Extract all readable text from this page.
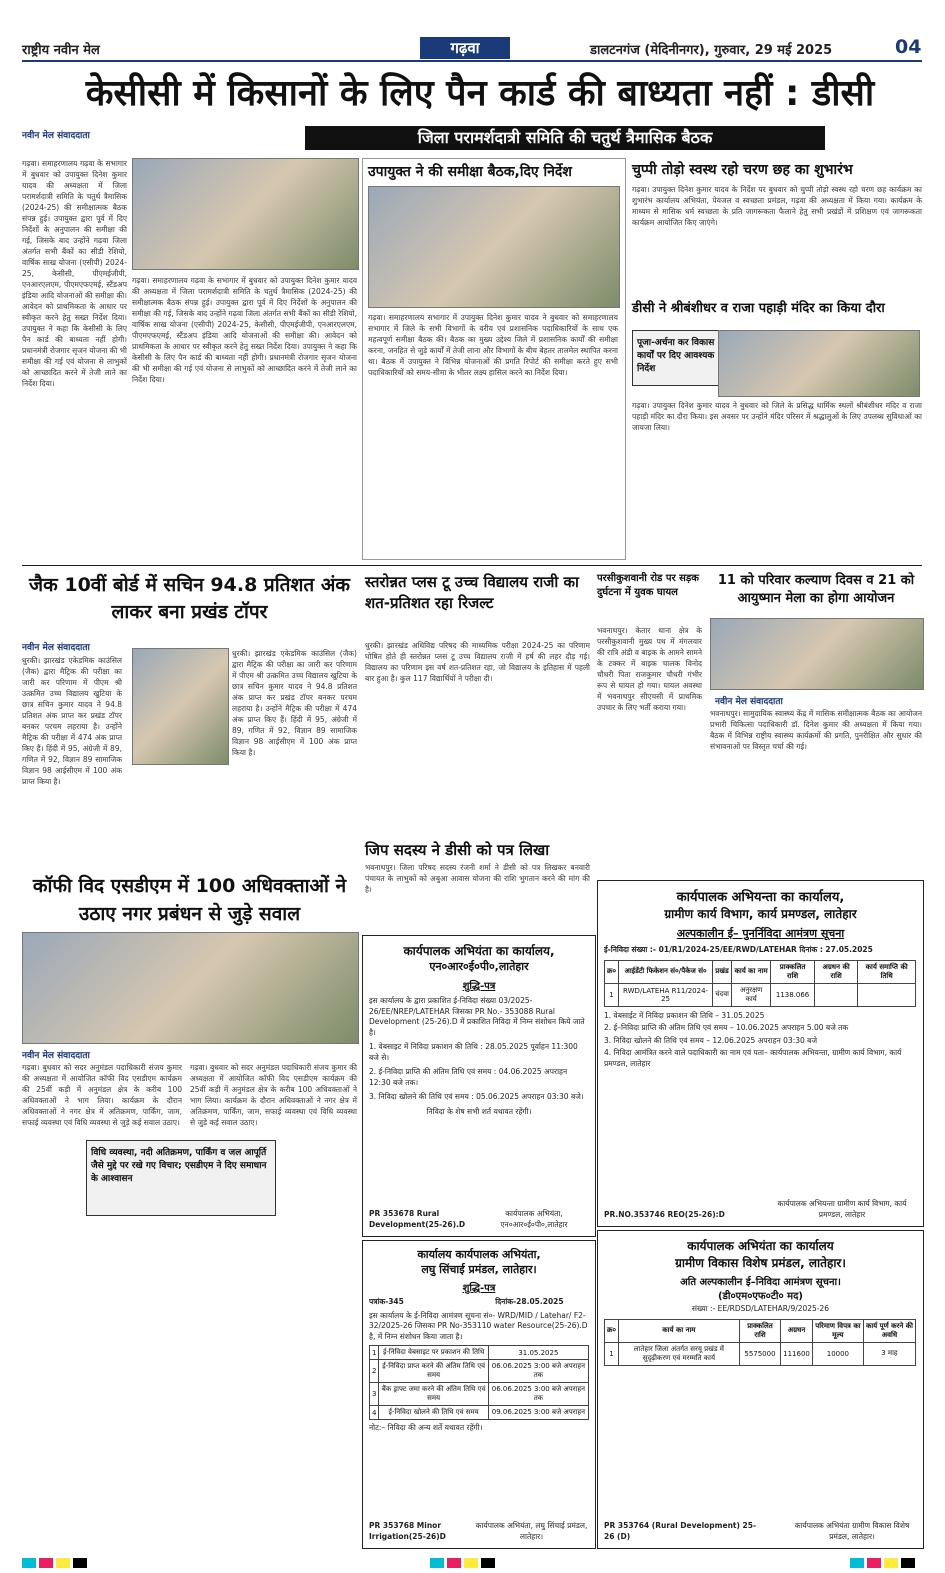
राष्ट्रीय नवीन मेल	गढ़वा	डालटनगंज (मेदिनीनगर), गुरुवार, 29 मई 2025	04
केसीसी में किसानों के लिए पैन कार्ड की बाध्यता नहीं : डीसी
नवीन मेल संवाददाता	जिला परामर्शदात्री समिति की चतुर्थ त्रैमासिक बैठक
गढ़वा। समाहरणालय गढ़वा के सभागार में बुधवार को उपायुक्त दिनेश कुमार यादव की अध्यक्षता में जिला परामर्शदात्री समिति के चतुर्थ त्रैमासिक (2024-25) की समीक्षात्मक बैठक संपन्न हुई। उपायुक्त द्वारा पूर्व में दिए निर्देशों के अनुपालन की समीक्षा की गई, जिसके बाद उन्होंने गढ़वा जिला अंतर्गत सभी बैंकों का सीडी रेशियो, वार्षिक साख योजना (एसीपी) 2024-25, केसीसी, पीएमईजीपी, एनआरएलएम, पीएमएफएमई, स्टैंडअप इंडिया आदि योजनाओं की समीक्षा की। आवेदन को प्राथमिकता के आधार पर स्वीकृत करने हेतु सख्त निर्देश दिया। उपायुक्त ने कहा कि केसीसी के लिए पैन कार्ड की बाध्यता नहीं होगी। प्रधानमंत्री रोजगार सृजन योजना की भी समीक्षा की गई एवं योजना से लाभुकों को आच्छादित करने में तेजी लाने का निर्देश दिया।
गढ़वा। समाहरणालय गढ़वा के सभागार में बुधवार को उपायुक्त दिनेश कुमार यादव की अध्यक्षता में जिला परामर्शदात्री समिति के चतुर्थ त्रैमासिक (2024-25) की समीक्षात्मक बैठक संपन्न हुई। उपायुक्त द्वारा पूर्व में दिए निर्देशों के अनुपालन की समीक्षा की गई, जिसके बाद उन्होंने गढ़वा जिला अंतर्गत सभी बैंकों का सीडी रेशियो, वार्षिक साख योजना (एसीपी) 2024-25, केसीसी, पीएमईजीपी, एनआरएलएम, पीएमएफएमई, स्टैंडअप इंडिया आदि योजनाओं की समीक्षा की। आवेदन को प्राथमिकता के आधार पर स्वीकृत करने हेतु सख्त निर्देश दिया। उपायुक्त ने कहा कि केसीसी के लिए पैन कार्ड की बाध्यता नहीं होगी। प्रधानमंत्री रोजगार सृजन योजना की भी समीक्षा की गई एवं योजना से लाभुकों को आच्छादित करने में तेजी लाने का निर्देश दिया।
उपायुक्त ने की समीक्षा बैठक,दिए निर्देश
गढ़वा। समाहरणालय सभागार में उपायुक्त दिनेश कुमार यादव ने बुधवार को समाहरणालय सभागार में जिले के सभी विभागों के वरीय एवं प्रशासनिक पदाधिकारियों के साथ एक महत्वपूर्ण समीक्षा बैठक की। बैठक का मुख्य उद्देश्य जिले में प्रशासनिक कार्यों की समीक्षा करना, जनहित से जुड़े कार्यों में तेजी लाना और विभागों के बीच बेहतर तालमेल स्थापित करना था। बैठक में उपायुक्त ने विभिन्न योजनाओं की प्रगति रिपोर्ट की समीक्षा करते हुए सभी पदाधिकारियों को समय-सीमा के भीतर लक्ष्य हासिल करने का निर्देश दिया।
चुप्पी तोड़ो स्वस्थ रहो चरण छह का शुभारंभ
गढ़वा। उपायुक्त दिनेश कुमार यादव के निर्देश पर बुधवार को चुप्पी तोड़ो स्वस्थ रहो चरण छह कार्यक्रम का शुभारंभ कार्यालय अभियंता, पेयजल व स्वच्छता प्रमंडल, गढ़वा की अध्यक्षता में किया गया। कार्यक्रम के माध्यम से मासिक धर्म स्वच्छता के प्रति जागरूकता फैलाने हेतु सभी प्रखंडों में प्रशिक्षण एवं जागरूकता कार्यक्रम आयोजित किए जाएंगे।
डीसी ने श्रीबंशीधर व राजा पहाड़ी मंदिर का किया दौरा
पूजा-अर्चना कर विकास कार्यों पर दिए आवश्यक निर्देश
गढ़वा। उपायुक्त दिनेश कुमार यादव ने बुधवार को जिले के प्रसिद्ध धार्मिक स्थलों श्रीबंशीधर मंदिर व राजा पहाड़ी मंदिर का दौरा किया। इस अवसर पर उन्होंने मंदिर परिसर में श्रद्धालुओं के लिए उपलब्ध सुविधाओं का जायजा लिया।
जैक 10वीं बोर्ड में सचिन 94.8 प्रतिशत अंक लाकर बना प्रखंड टॉपर
नवीन मेल संवाददाता
धुरकी। झारखंड एकेडमिक काउंसिल (जैक) द्वारा मैट्रिक की परीक्षा का जारी कर परिणाम में पीएम श्री उत्क्रमित उच्च विद्यालय खुटिया के छात्र सचिन कुमार यादव ने 94.8 प्रतिशत अंक प्राप्त कर प्रखंड टॉपर बनकर परचम लहराया है। उन्होंने मैट्रिक की परीक्षा में 474 अंक प्राप्त किए हैं। हिंदी में 95, अंग्रेजी में 89, गणित में 92, विज्ञान 89 सामाजिक विज्ञान 98 आईसीएम में 100 अंक प्राप्त किया है।
धुरकी। झारखंड एकेडमिक काउंसिल (जैक) द्वारा मैट्रिक की परीक्षा का जारी कर परिणाम में पीएम श्री उत्क्रमित उच्च विद्यालय खुटिया के छात्र सचिन कुमार यादव ने 94.8 प्रतिशत अंक प्राप्त कर प्रखंड टॉपर बनकर परचम लहराया है। उन्होंने मैट्रिक की परीक्षा में 474 अंक प्राप्त किए हैं। हिंदी में 95, अंग्रेजी में 89, गणित में 92, विज्ञान 89 सामाजिक विज्ञान 98 आईसीएम में 100 अंक प्राप्त किया है।
स्तरोन्नत प्लस टू उच्च विद्यालय राजी का शत-प्रतिशत रहा रिजल्ट
धुरकी। झारखंड अधिविद्य परिषद की माध्यमिक परीक्षा 2024-25 का परिणाम घोषित होते ही स्तरोन्नत प्लस टू उच्च विद्यालय राजी में हर्ष की लहर दौड़ गई। विद्यालय का परिणाम इस वर्ष शत-प्रतिशत रहा, जो विद्यालय के इतिहास में पहली बार हुआ है। कुल 117 विद्यार्थियों ने परीक्षा दी।
परसीकुशवानी रोड पर सड़क दुर्घटना में युवक घायल
भवनाथपुर। केतार थाना क्षेत्र के परसीकुशवानी मुख्य पथ में मंगलवार की रात्रि अंडी व बाइक के आमने सामने के टक्कर में बाइक चालक विनोद चौधरी पिता राजकुमार चौधरी गंभीर रूप से घायल हो गया। घायल अवस्था में भवनाथपुर सीएचसी में प्राथमिक उपचार के लिए भर्ती कराया गया।
11 को परिवार कल्याण दिवस व 21 को आयुष्मान मेला का होगा आयोजन
नवीन मेल संवाददाता
भवनाथपुर। सामुदायिक स्वास्थ्य केंद्र में मासिक समीक्षात्मक बैठक का आयोजन प्रभारी चिकित्सा पदाधिकारी डॉ. दिनेश कुमार की अध्यक्षता में किया गया। बैठक में विभिन्न राष्ट्रीय स्वास्थ्य कार्यक्रमों की प्रगति, पुनरीक्षित और सुधार की संभावनाओं पर विस्तृत चर्चा की गई।
जिप सदस्य ने डीसी को पत्र लिखा
भवनाथपुर। जिला परिषद सदस्य रंजनी शर्मा ने डीसी को पत्र लिखकर बनवारी पंचायत के लाभुकों को अबुआ आवास योजना की राशि भुगतान करने की मांग की है।
कॉफी विद एसडीएम में 100 अधिवक्ताओं ने उठाए नगर प्रबंधन से जुड़े सवाल
नवीन मेल संवाददाता
गढ़वा। बुधवार को सदर अनुमंडल पदाधिकारी संजय कुमार की अध्यक्षता में आयोजित कॉफी विद एसडीएम कार्यक्रम की 25वीं कड़ी में अनुमंडल क्षेत्र के करीब 100 अधिवक्ताओं ने भाग लिया। कार्यक्रम के दौरान अधिवक्ताओं ने नगर क्षेत्र में अतिक्रमण, पार्किंग, जाम, सफाई व्यवस्था एवं विधि व्यवस्था से जुड़े कई सवाल उठाए।
विधि व्यवस्था, नदी अतिक्रमण, पार्किंग व जल आपूर्ति जैसे मुद्दे पर रखे गए विचार; एसडीएम ने दिए समाधान के आश्वासन
गढ़वा। बुधवार को सदर अनुमंडल पदाधिकारी संजय कुमार की अध्यक्षता में आयोजित कॉफी विद एसडीएम कार्यक्रम की 25वीं कड़ी में अनुमंडल क्षेत्र के करीब 100 अधिवक्ताओं ने भाग लिया। कार्यक्रम के दौरान अधिवक्ताओं ने नगर क्षेत्र में अतिक्रमण, पार्किंग, जाम, सफाई व्यवस्था एवं विधि व्यवस्था से जुड़े कई सवाल उठाए।
कार्यपालक अभियंता का कार्यालय,
एन०आर०ई०पी०,लातेहार
शुद्धि-पत्र
इस कार्यालय के द्वारा प्रकाशित ई-निविदा संख्या 03/2025-26/EE/NREP/LATEHAR जिसका PR No.- 353088 Rural Development (25-26).D में प्रकाशित निविदा में निम्न संशोधन किये जाते है।
1. वेबसाइट में निविदा प्रकाशन की तिथि : 28.05.2025 पूर्वाहन 11:300 बजे से।
2. ई-निविदा प्राप्ति की अंतिम तिथि एवं समय : 04.06.2025 अपराहन 12:30 बजे तक।
3. निविदा खोलने की तिथि एवं समय : 05.06.2025 अपराहन 03:30 बजे।
निविदा के शेष सभी शर्त यथावत रहेंगी।
PR 353678 Rural Development(25-26).D
कार्यपालक अभियंता, एन०आर०ई०पी०,लातेहार
कार्यालय कार्यपालक अभियंता,
लघु सिंचाई प्रमंडल, लातेहार।
शुद्धि-पत्र
पत्रांक-345                                   दिनांक-28.05.2025
इस कार्यालय के ई-निविदा आमंत्रण सूचना सं०- WRD/MID / Latehar/ F2-32/2025-26 जिसका PR No-353110 water Resource(25-26).D है, में निम्न संशोधन किया जाता है।
1	ई-निविदा वेबसाइट पर प्रकाशन की तिथि	31.05.2025
2	ई-निविदा प्राप्त करने की अंतिम तिथि एवं समय	06.06.2025 3:00 बजे अपराहन तक
3	बैंक ड्राफ्ट जमा करने की अंतिम तिथि एवं समय	06.06.2025 3:00 बजे अपराहन तक
4	ई-निविदा खोलने की तिथि एवं समय	09.06.2025 3:00 बजे अपराहन
नोट:– निविदा की अन्य शर्ते यथावत रहेंगी।
PR 353768 Minor Irrigation(25-26)D
कार्यपालक अभियंता, लघु सिंचाई प्रमंडल, लातेहार।
कार्यपालक अभियन्ता का कार्यालय,
ग्रामीण कार्य विभाग, कार्य प्रमण्डल, लातेहार
अल्पकालीन ई– पुनर्निविदा आमंत्रण सूचना
ई-निविदा संख्या :- 01/R1/2024-25/EE/RWD/LATEHAR दिनांक : 27.05.2025
क्र०	आईडेंटी फिकेशन सं०/पैकेज सं०	प्रखंड	कार्य का नाम	प्राक्कलित राशि	अग्रधन की राशि	कार्य समाप्ति की तिथि
1	RWD/LATEHA R11/2024-25	चंदवा	अनुरक्षण कार्य	1138.066		
1. वेबसाईट में निविदा प्रकाशन की तिथि – 31.05.2025
2. ई–निविदा प्राप्ति की अंतिम तिथि एवं समय – 10.06.2025 अपराहन 5.00 बजे तक
3. निविदा खोलने की तिथि एवं समय – 12.06.2025 अपराहन 03:30 बजे
4. निविदा आमंत्रित करने वाले पदाधिकारी का नाम एवं पता– कार्यपालक अभियन्ता, ग्रामीण कार्य विभाग, कार्य प्रमण्डल, लातेहार
PR.NO.353746 REO(25-26):D
कार्यपालक अभियन्ता ग्रामीण कार्य विभाग, कार्य प्रमण्डल, लातेहार
कार्यपालक अभियंता का कार्यालय
ग्रामीण विकास विशेष प्रमंडल, लातेहार।
अति अल्पकालीन ई–निविदा आमंत्रण सूचना।
(डी०एम०एफ०टी० मद)
संख्या :- EE/RDSD/LATEHAR/9/2025-26
क्र०	कार्य का नाम	प्राक्कलित राशि	अग्रधन	परिमाण विपत्र का मूल्य	कार्य पूर्ण करने की अवधि
1	लातेहार जिला अंतर्गत सरयू प्रखंड में सुदृढ़ीकरण एवं मरम्मति कार्य	5575000	111600	10000	3 माह
PR 353764 (Rural Development) 25-26 (D)
कार्यपालक अभियंता ग्रामीण विकास विशेष प्रमंडल, लातेहार।
